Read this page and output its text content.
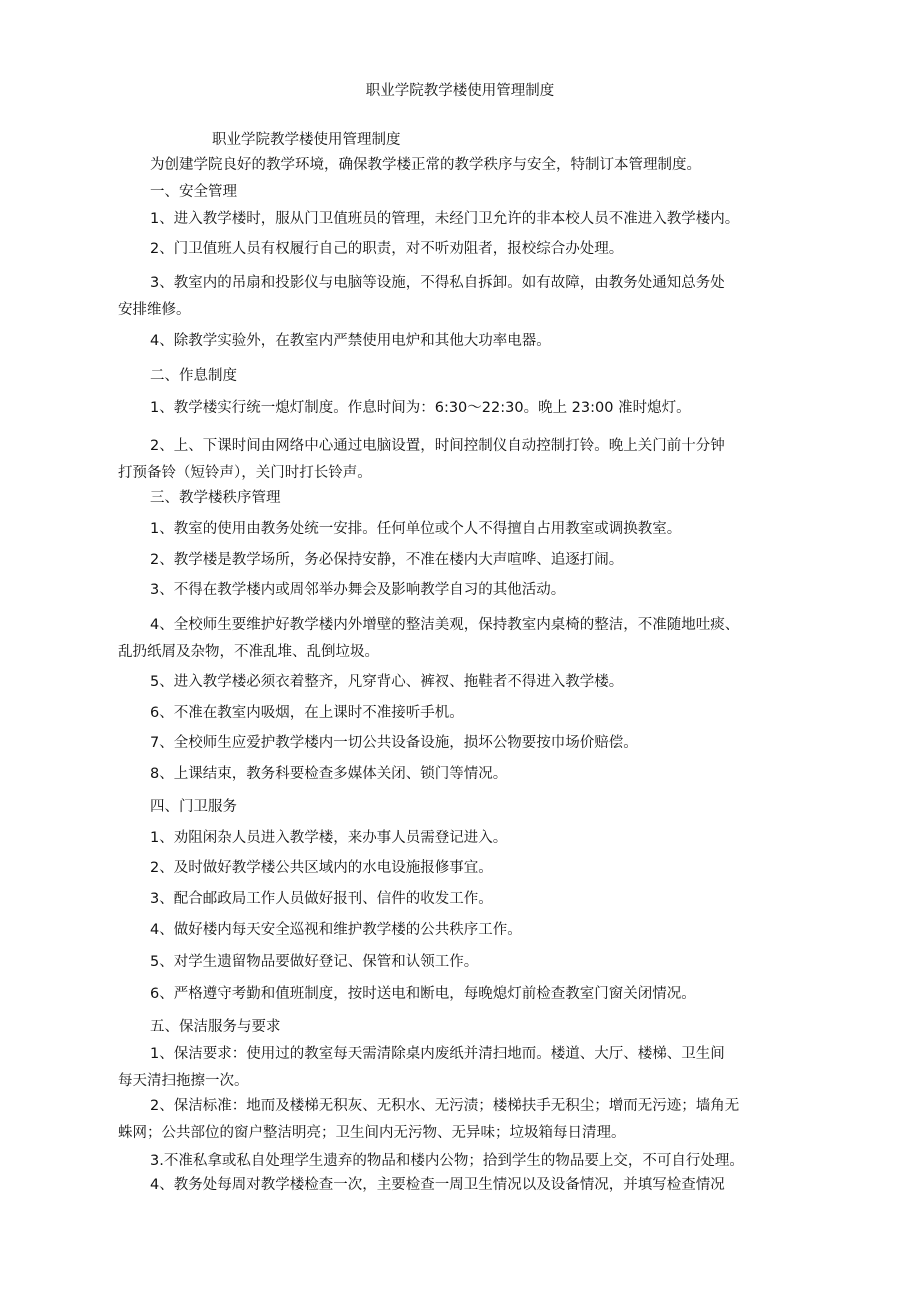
职业学院教学楼使用管理制度
职业学院教学楼使用管理制度
为创建学院良好的教学环境，确保教学楼正常的教学秩序与安全，特制订本管理制度。
一、安全管理
1、进入教学楼时，服从门卫值班员的管理，未经门卫允许的非本校人员不准进入教学楼内。
2、门卫值班人员有权履行自己的职责，对不听劝阻者，报校综合办处理。
3、教室内的吊扇和投影仪与电脑等设施，不得私自拆卸。如有故障，由教务处通知总务处
安排维修。
4、除教学实验外，在教室内严禁使用电炉和其他大功率电器。
二、作息制度
1、教学楼实行统一熄灯制度。作息时间为：6:30～22:30。晚上 23:00 准时熄灯。
2、上、下课时间由网络中心通过电脑设置，时间控制仪自动控制打铃。晚上关门前十分钟
打预备铃（短铃声），关门时打长铃声。
三、教学楼秩序管理
1、教室的使用由教务处统一安排。任何单位或个人不得擅自占用教室或调换教室。
2、教学楼是教学场所，务必保持安静，不准在楼内大声喧哗、追逐打闹。
3、不得在教学楼内或周邻举办舞会及影响教学自习的其他活动。
4、全校师生要维护好教学楼内外增壁的整洁美观，保持教室内桌椅的整洁，不准随地吐痰、
乱扔纸屑及杂物，不准乱堆、乱倒垃圾。
5、进入教学楼必须衣着整齐，凡穿背心、裤衩、拖鞋者不得进入教学楼。
6、不准在教室内吸烟，在上课时不准接听手机。
7、全校师生应爱护教学楼内一切公共设备设施，损坏公物要按巾场价赔偿。
8、上课结束，教务科要检查多媒体关闭、锁门等情况。
四、门卫服务
1、劝阻闲杂人员进入教学楼，来办事人员需登记进入。
2、及时做好教学楼公共区域内的水电设施报修事宜。
3、配合邮政局工作人员做好报刊、信件的收发工作。
4、做好楼内每天安全巡视和维护教学楼的公共秩序工作。
5、对学生遗留物品要做好登记、保管和认领工作。
6、严格遵守考勤和值班制度，按时送电和断电，每晚熄灯前检查教室门窗关闭情况。
五、保洁服务与要求
1、保洁要求：使用过的教室每天需清除桌内废纸并清扫地而。楼道、大厅、楼梯、卫生间
每天清扫拖擦一次。
2、保洁标准：地而及楼梯无积灰、无积水、无污渍；楼梯扶手无积尘；增而无污迹；墙角无
蛛网；公共部位的窗户整洁明亮；卫生间内无污物、无异味；垃圾箱每日清理。
3.不准私拿或私自处理学生遗弃的物品和楼内公物；拾到学生的物品要上交，不可自行处理。
4、教务处每周对教学楼检查一次，主要检查一周卫生情况以及设备情况，并填写检查情况
